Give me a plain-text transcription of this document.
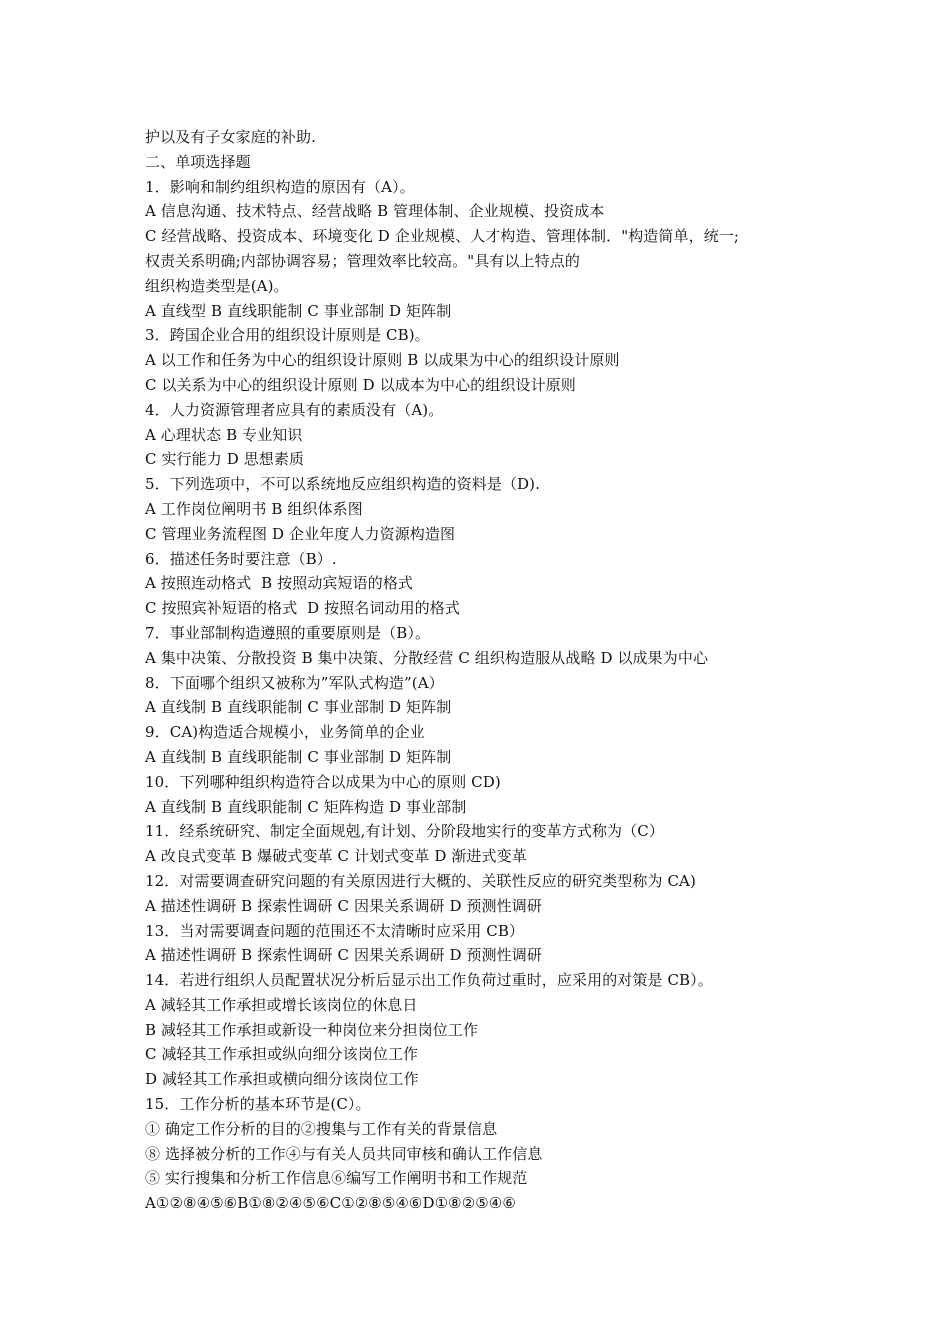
护以及有子女家庭的补助.
二、单项选择题
1．影响和制约组织构造的原因有（A）。
A 信息沟通、技术特点、经营战略 B 管理体制、企业规模、投资成本
C 经营战略、投资成本、环境变化 D 企业规模、人才构造、管理体制．"构造简单，统一;
权责关系明确;内部协调容易；管理效率比较高。"具有以上特点的
组织构造类型是(A)。
A 直线型 B 直线职能制 C 事业部制 D 矩阵制
3．跨国企业合用的组织设计原则是 CB)。
A 以工作和任务为中心的组织设计原则 B 以成果为中心的组织设计原则
C 以关系为中心的组织设计原则 D 以成本为中心的组织设计原则
4．人力资源管理者应具有的素质没有（A)。
A 心理状态 B 专业知识
C 实行能力 D 思想素质
5．下列选项中，不可以系统地反应组织构造的资料是（D).
A 工作岗位阐明书 B 组织体系图
C 管理业务流程图 D 企业年度人力资源构造图
6．描述任务时要注意（B）.
A 按照连动格式  B 按照动宾短语的格式
C 按照宾补短语的格式  D 按照名词动用的格式
7．事业部制构造遵照的重要原则是（B）。
A 集中决策、分散投资 B 集中决策、分散经营 C 组织构造服从战略 D 以成果为中心
8．下面哪个组织又被称为”军队式构造”(A）
A 直线制 B 直线职能制 C 事业部制 D 矩阵制
9．CA)构造适合规模小，业务简单的企业
A 直线制 B 直线职能制 C 事业部制 D 矩阵制
10．下列哪种组织构造符合以成果为中心的原则 CD)
A 直线制 B 直线职能制 C 矩阵构造 D 事业部制
11．经系统研究、制定全面规剋,有计划、分阶段地实行的变革方式称为（C）
A 改良式变革 B 爆破式变革 C 计划式变革 D 渐进式变革
12．对需要调查研究问题的有关原因进行大概的、关联性反应的研究类型称为 CA)
A 描述性调研 B 探索性调研 C 因果关系调研 D 预测性调研
13．当对需要调查问题的范围还不太清晰时应采用 CB）
A 描述性调研 B 探索性调研 C 因果关系调研 D 预测性调研
14．若进行组织人员配置状况分析后显示出工作负荷过重时，应采用的对策是 CB）。
A 减轻其工作承担或增长该岗位的休息日
B 减轻其工作承担或新设一种岗位来分担岗位工作
C 减轻其工作承担或纵向细分该岗位工作
D 减轻其工作承担或横向细分该岗位工作
15．工作分析的基本环节是(C）。
① 确定工作分析的目的②搜集与工作有关的背景信息
⑧ 选择被分析的工作④与有关人员共同审核和确认工作信息
⑤ 实行搜集和分析工作信息⑥编写工作阐明书和工作规范
A①②⑧④⑤⑥B①⑧②④⑤⑥C①②⑧⑤④⑥D①⑧②⑤④⑥
